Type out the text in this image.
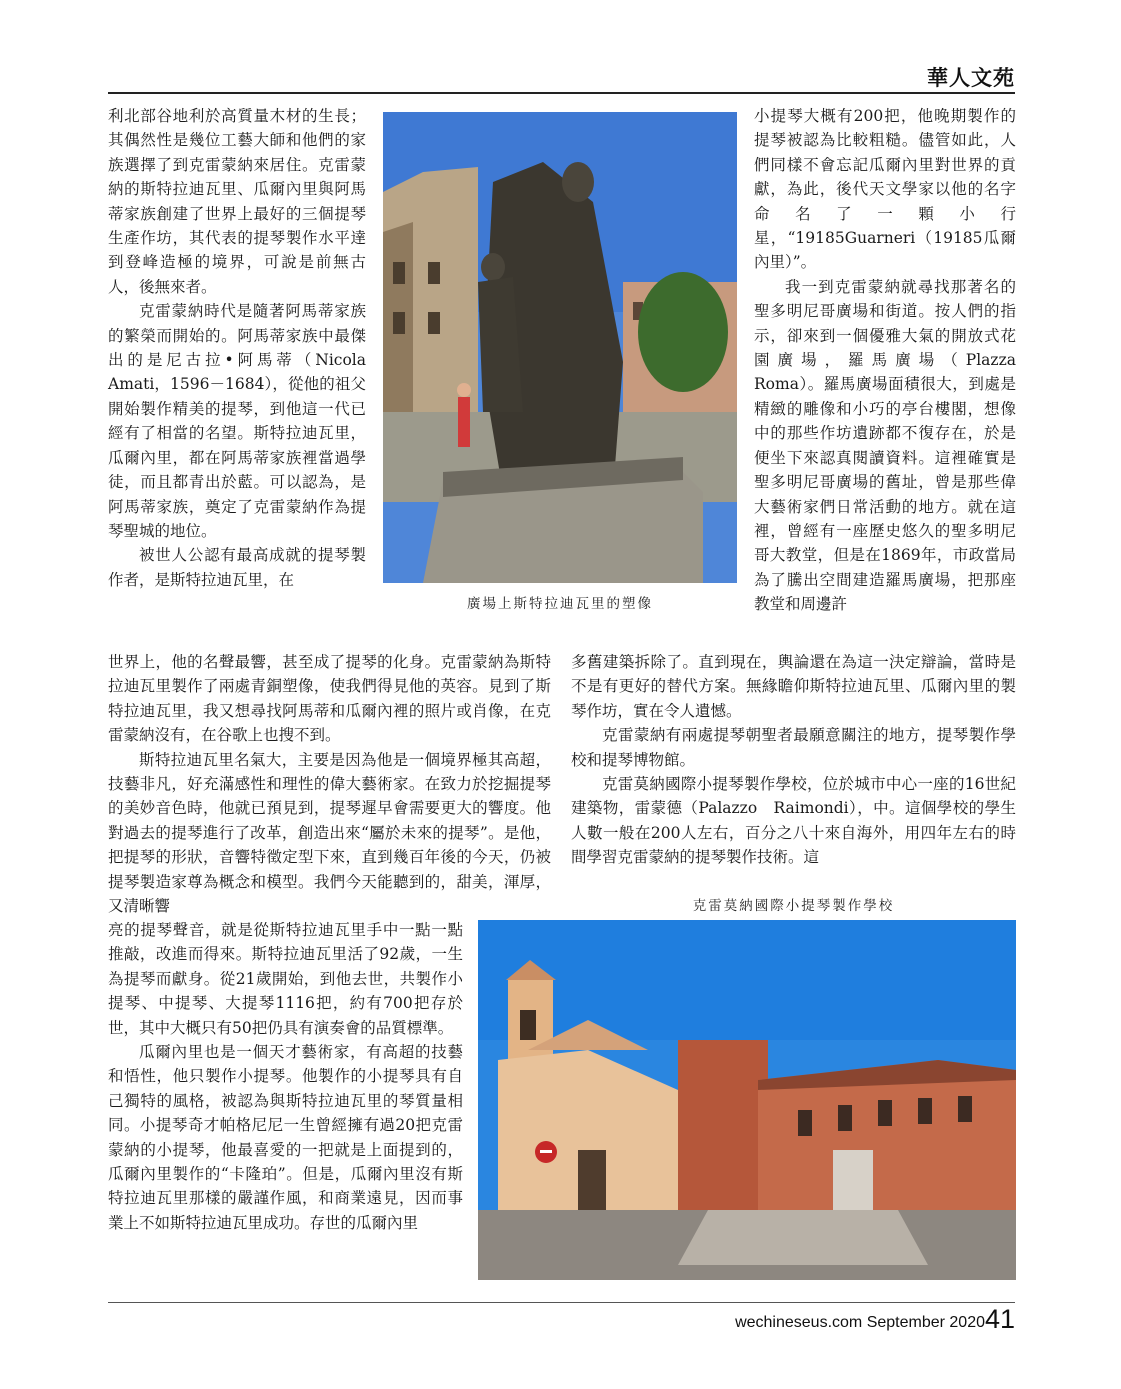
華人文苑

利北部谷地利於高質量木材的生長；其偶然性是幾位工藝大師和他們的家族選擇了到克雷蒙納來居住。克雷蒙納的斯特拉迪瓦里、瓜爾內里與阿馬蒂家族創建了世界上最好的三個提琴生產作坊，其代表的提琴製作水平達到登峰造極的境界，可說是前無古人，後無來者。

克雷蒙納時代是隨著阿馬蒂家族的繁榮而開始的。阿馬蒂家族中最傑出的是尼古拉•阿馬蒂（Nicola　Amati，1596－1684），從他的祖父開始製作精美的提琴，到他這一代已經有了相當的名望。斯特拉迪瓦里，瓜爾內里，都在阿馬蒂家族裡當過學徒，而且都青出於藍。可以認為，是阿馬蒂家族，奠定了克雷蒙納作為提琴聖城的地位。

被世人公認有最高成就的提琴製作者，是斯特拉迪瓦里，在

廣場上斯特拉迪瓦里的塑像

小提琴大概有200把，他晚期製作的提琴被認為比較粗糙。儘管如此，人們同樣不會忘記瓜爾內里對世界的貢獻，為此，後代天文學家以他的名字命名了一顆小行星，“19185Guarneri（19185瓜爾內里）”。

我一到克雷蒙納就尋找那著名的聖多明尼哥廣場和街道。按人們的指示，卻來到一個優雅大氣的開放式花園廣場，羅馬廣場（Plazza　Roma）。羅馬廣場面積很大，到處是精緻的雕像和小巧的亭台樓閣，想像中的那些作坊遺跡都不復存在，於是便坐下來認真閱讀資料。這裡確實是聖多明尼哥廣場的舊址，曾是那些偉大藝術家們日常活動的地方。就在這裡，曾經有一座歷史悠久的聖多明尼哥大教堂，但是在1869年，市政當局為了騰出空間建造羅馬廣場，把那座教堂和周邊許

世界上，他的名聲最響，甚至成了提琴的化身。克雷蒙納為斯特拉迪瓦里製作了兩處青銅塑像，使我們得見他的英容。見到了斯特拉迪瓦里，我又想尋找阿馬蒂和瓜爾內裡的照片或肖像，在克雷蒙納沒有，在谷歌上也搜不到。

斯特拉迪瓦里名氣大，主要是因為他是一個境界極其高超，技藝非凡，好充滿感性和理性的偉大藝術家。在致力於挖掘提琴的美妙音色時，他就已預見到，提琴遲早會需要更大的響度。他對過去的提琴進行了改革，創造出來“屬於未來的提琴”。是他，把提琴的形狀，音響特徵定型下來，直到幾百年後的今天，仍被提琴製造家尊為概念和模型。我們今天能聽到的，甜美，渾厚，又清晰響

多舊建築拆除了。直到現在，輿論還在為這一決定辯論，當時是不是有更好的替代方案。無緣瞻仰斯特拉迪瓦里、瓜爾內里的製琴作坊，實在令人遺憾。

克雷蒙納有兩處提琴朝聖者最願意關注的地方，提琴製作學校和提琴博物館。

克雷莫納國際小提琴製作學校，位於城市中心一座的16世紀建築物，雷蒙德（Palazzo　Raimondi），中。這個學校的學生人數一般在200人左右，百分之八十來自海外，用四年左右的時間學習克雷蒙納的提琴製作技術。這

克雷莫納國際小提琴製作學校

亮的提琴聲音，就是從斯特拉迪瓦里手中一點一點推敲，改進而得來。斯特拉迪瓦里活了92歲，一生為提琴而獻身。從21歲開始，到他去世，共製作小提琴、中提琴、大提琴1116把，約有700把存於世，其中大概只有50把仍具有演奏會的品質標準。

瓜爾內里也是一個天才藝術家，有高超的技藝和悟性，他只製作小提琴。他製作的小提琴具有自己獨特的風格，被認為與斯特拉迪瓦里的琴質量相同。小提琴奇才帕格尼尼一生曾經擁有過20把克雷蒙納的小提琴，他最喜愛的一把就是上面提到的，瓜爾內里製作的“卡隆珀”。但是，瓜爾內里沒有斯特拉迪瓦里那樣的嚴謹作風，和商業遠見，因而事業上不如斯特拉迪瓦里成功。存世的瓜爾內里

wechineseus.com September 2020 41
